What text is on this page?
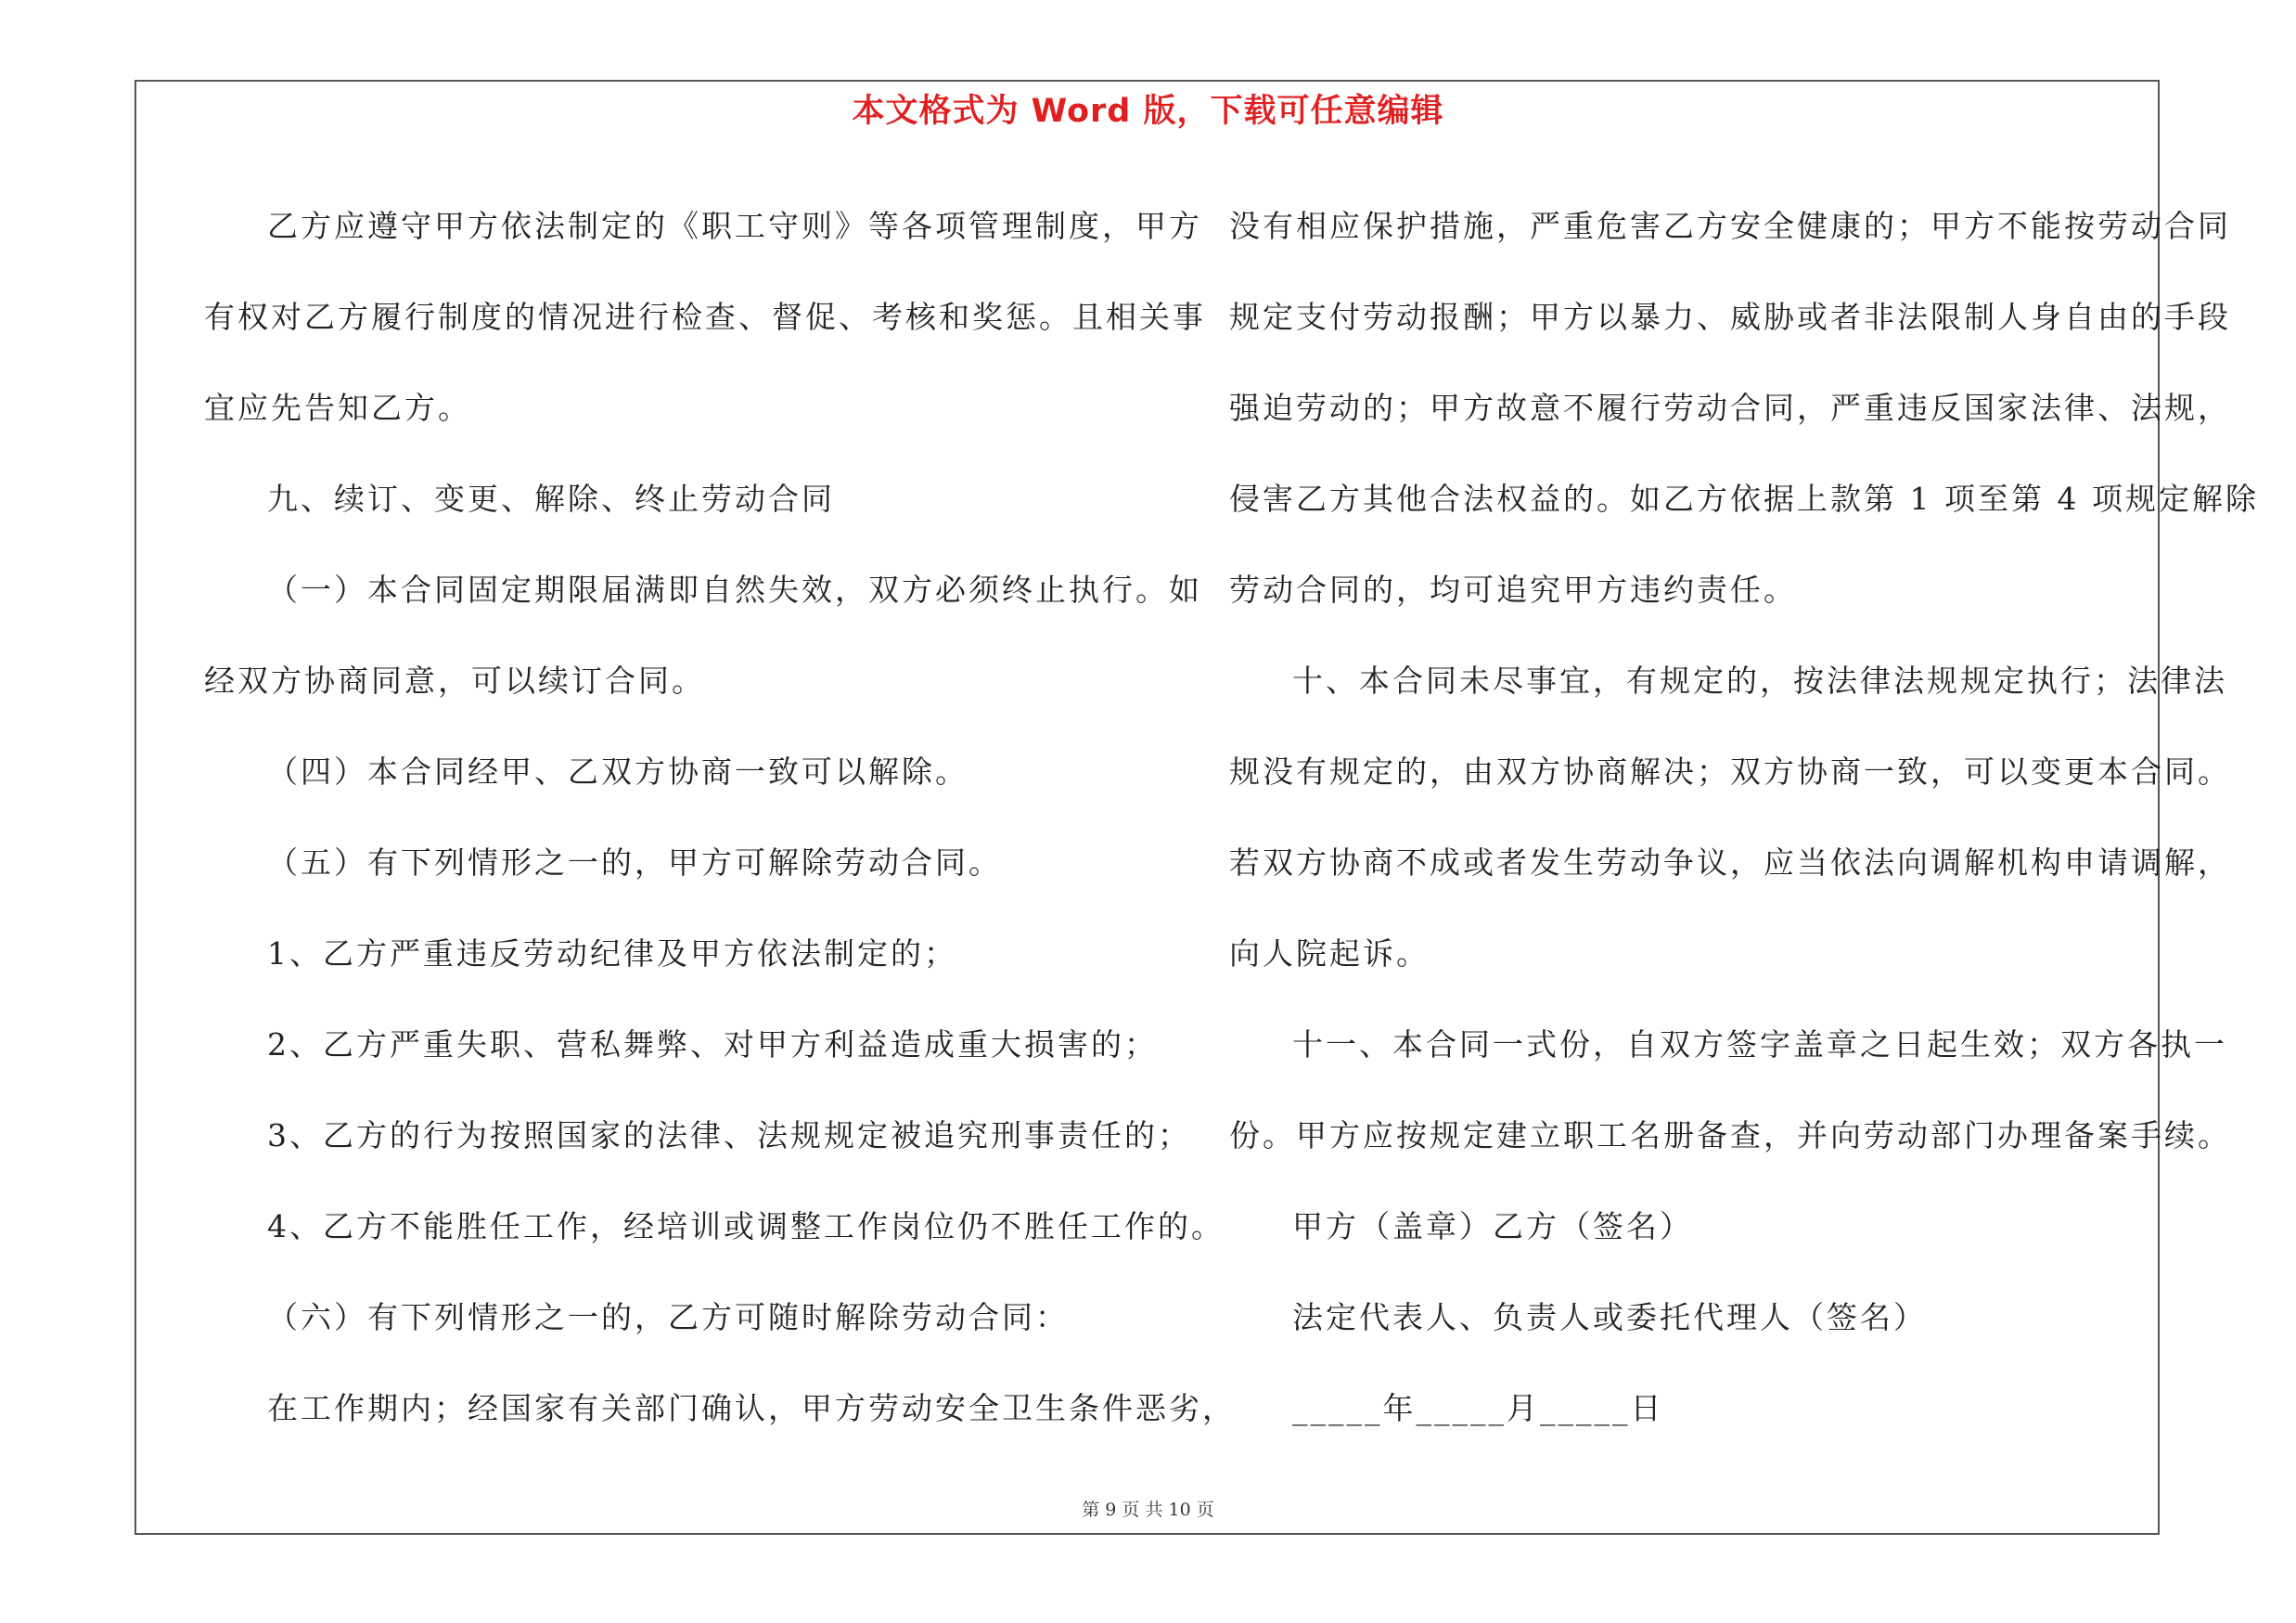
本文格式为 Word 版，下载可任意编辑

乙方应遵守甲方依法制定的《职工守则》等各项管理制度，甲方

有权对乙方履行制度的情况进行检查、督促、考核和奖惩。且相关事

宜应先告知乙方。

九、续订、变更、解除、终止劳动合同

（一）本合同固定期限届满即自然失效，双方必须终止执行。如

经双方协商同意，可以续订合同。

（四）本合同经甲、乙双方协商一致可以解除。

（五）有下列情形之一的，甲方可解除劳动合同。

1、乙方严重违反劳动纪律及甲方依法制定的；

2、乙方严重失职、营私舞弊、对甲方利益造成重大损害的；

3、乙方的行为按照国家的法律、法规规定被追究刑事责任的；

4、乙方不能胜任工作，经培训或调整工作岗位仍不胜任工作的。

（六）有下列情形之一的，乙方可随时解除劳动合同：

在工作期内；经国家有关部门确认，甲方劳动安全卫生条件恶劣，

没有相应保护措施，严重危害乙方安全健康的；甲方不能按劳动合同

规定支付劳动报酬；甲方以暴力、威胁或者非法限制人身自由的手段

强迫劳动的；甲方故意不履行劳动合同，严重违反国家法律、法规，

侵害乙方其他合法权益的。如乙方依据上款第 1 项至第 4 项规定解除

劳动合同的，均可追究甲方违约责任。

十、本合同未尽事宜，有规定的，按法律法规规定执行；法律法

规没有规定的，由双方协商解决；双方协商一致，可以变更本合同。

若双方协商不成或者发生劳动争议，应当依法向调解机构申请调解，

向人院起诉。

十一、本合同一式份，自双方签字盖章之日起生效；双方各执一

份。甲方应按规定建立职工名册备查，并向劳动部门办理备案手续。

甲方（盖章）乙方（签名）

法定代表人、负责人或委托代理人（签名）

_____年_____月_____日

第 9 页 共 10 页
